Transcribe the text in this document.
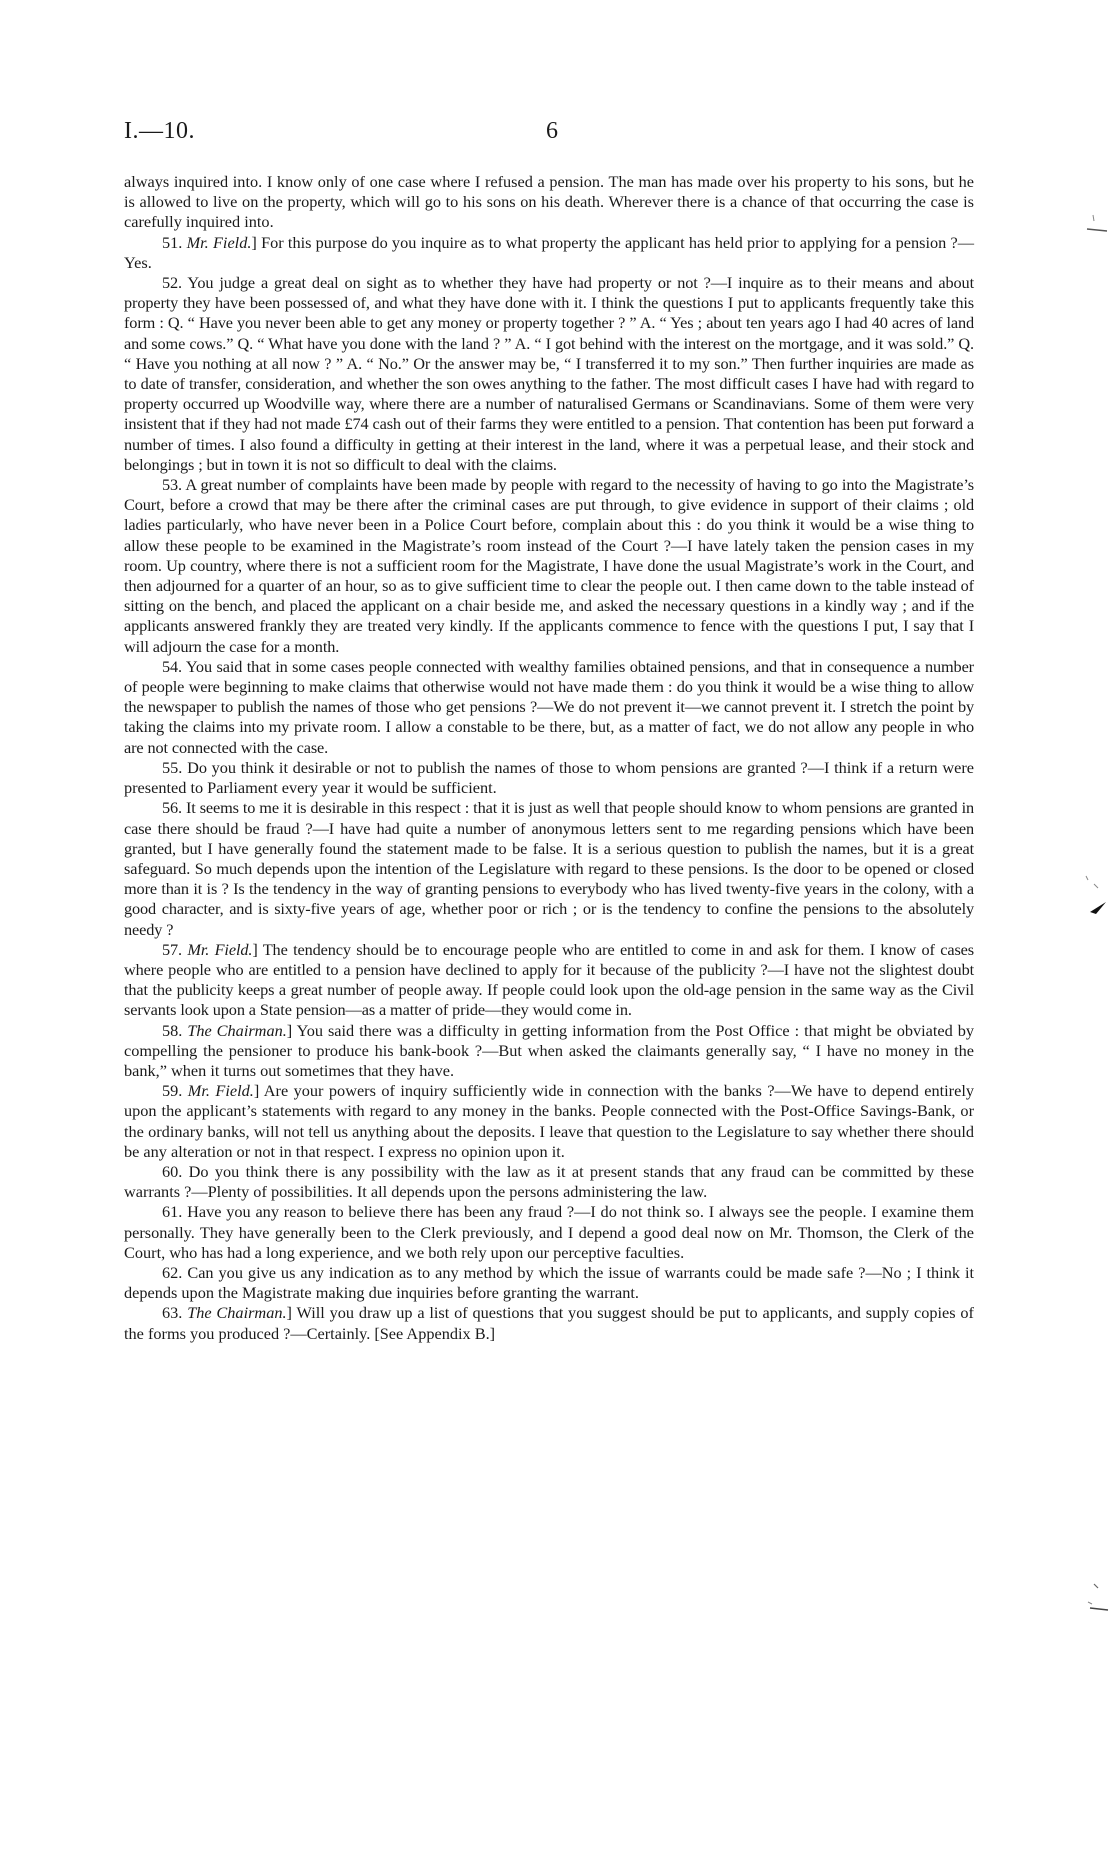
I.—10.	6

always inquired into. I know only of one case where I refused a pension. The man has made over his property to his sons, but he is allowed to live on the property, which will go to his sons on his death. Wherever there is a chance of that occurring the case is carefully inquired into.

51. Mr. Field.] For this purpose do you inquire as to what property the applicant has held prior to applying for a pension ?—Yes.

52. You judge a great deal on sight as to whether they have had property or not ?—I inquire as to their means and about property they have been possessed of, and what they have done with it. I think the questions I put to applicants frequently take this form : Q. “ Have you never been able to get any money or property together ? ” A. “ Yes ; about ten years ago I had 40 acres of land and some cows.” Q. “ What have you done with the land ? ” A. “ I got behind with the interest on the mortgage, and it was sold.” Q. “ Have you nothing at all now ? ” A. “ No.” Or the answer may be, “ I transferred it to my son.” Then further inquiries are made as to date of transfer, consideration, and whether the son owes anything to the father. The most difficult cases I have had with regard to property occurred up Woodville way, where there are a number of naturalised Germans or Scandinavians. Some of them were very insistent that if they had not made £74 cash out of their farms they were entitled to a pension. That contention has been put forward a number of times. I also found a difficulty in getting at their interest in the land, where it was a perpetual lease, and their stock and belongings ; but in town it is not so difficult to deal with the claims.

53. A great number of complaints have been made by people with regard to the necessity of having to go into the Magistrate’s Court, before a crowd that may be there after the criminal cases are put through, to give evidence in support of their claims ; old ladies particularly, who have never been in a Police Court before, complain about this : do you think it would be a wise thing to allow these people to be examined in the Magistrate’s room instead of the Court ?—I have lately taken the pension cases in my room. Up country, where there is not a sufficient room for the Magistrate, I have done the usual Magistrate’s work in the Court, and then adjourned for a quarter of an hour, so as to give sufficient time to clear the people out. I then came down to the table instead of sitting on the bench, and placed the applicant on a chair beside me, and asked the necessary questions in a kindly way ; and if the applicants answered frankly they are treated very kindly. If the applicants commence to fence with the questions I put, I say that I will adjourn the case for a month.

54. You said that in some cases people connected with wealthy families obtained pensions, and that in consequence a number of people were beginning to make claims that otherwise would not have made them : do you think it would be a wise thing to allow the newspaper to publish the names of those who get pensions ?—We do not prevent it—we cannot prevent it. I stretch the point by taking the claims into my private room. I allow a constable to be there, but, as a matter of fact, we do not allow any people in who are not connected with the case.

55. Do you think it desirable or not to publish the names of those to whom pensions are granted ?—I think if a return were presented to Parliament every year it would be sufficient.

56. It seems to me it is desirable in this respect : that it is just as well that people should know to whom pensions are granted in case there should be fraud ?—I have had quite a number of anonymous letters sent to me regarding pensions which have been granted, but I have generally found the statement made to be false. It is a serious question to publish the names, but it is a great safeguard. So much depends upon the intention of the Legislature with regard to these pensions. Is the door to be opened or closed more than it is ? Is the tendency in the way of granting pensions to everybody who has lived twenty-five years in the colony, with a good character, and is sixty-five years of age, whether poor or rich ; or is the tendency to confine the pensions to the absolutely needy ?

57. Mr. Field.] The tendency should be to encourage people who are entitled to come in and ask for them. I know of cases where people who are entitled to a pension have declined to apply for it because of the publicity ?—I have not the slightest doubt that the publicity keeps a great number of people away. If people could look upon the old-age pension in the same way as the Civil servants look upon a State pension—as a matter of pride—they would come in.

58. The Chairman.] You said there was a difficulty in getting information from the Post Office : that might be obviated by compelling the pensioner to produce his bank-book ?—But when asked the claimants generally say, “ I have no money in the bank,” when it turns out sometimes that they have.

59. Mr. Field.] Are your powers of inquiry sufficiently wide in connection with the banks ?—We have to depend entirely upon the applicant’s statements with regard to any money in the banks. People connected with the Post-Office Savings-Bank, or the ordinary banks, will not tell us anything about the deposits. I leave that question to the Legislature to say whether there should be any alteration or not in that respect. I express no opinion upon it.

60. Do you think there is any possibility with the law as it at present stands that any fraud can be committed by these warrants ?—Plenty of possibilities. It all depends upon the persons administering the law.

61. Have you any reason to believe there has been any fraud ?—I do not think so. I always see the people. I examine them personally. They have generally been to the Clerk previously, and I depend a good deal now on Mr. Thomson, the Clerk of the Court, who has had a long experience, and we both rely upon our perceptive faculties.

62. Can you give us any indication as to any method by which the issue of warrants could be made safe ?—No ; I think it depends upon the Magistrate making due inquiries before granting the warrant.

63. The Chairman.] Will you draw up a list of questions that you suggest should be put to applicants, and supply copies of the forms you produced ?—Certainly. [See Appendix B.]
